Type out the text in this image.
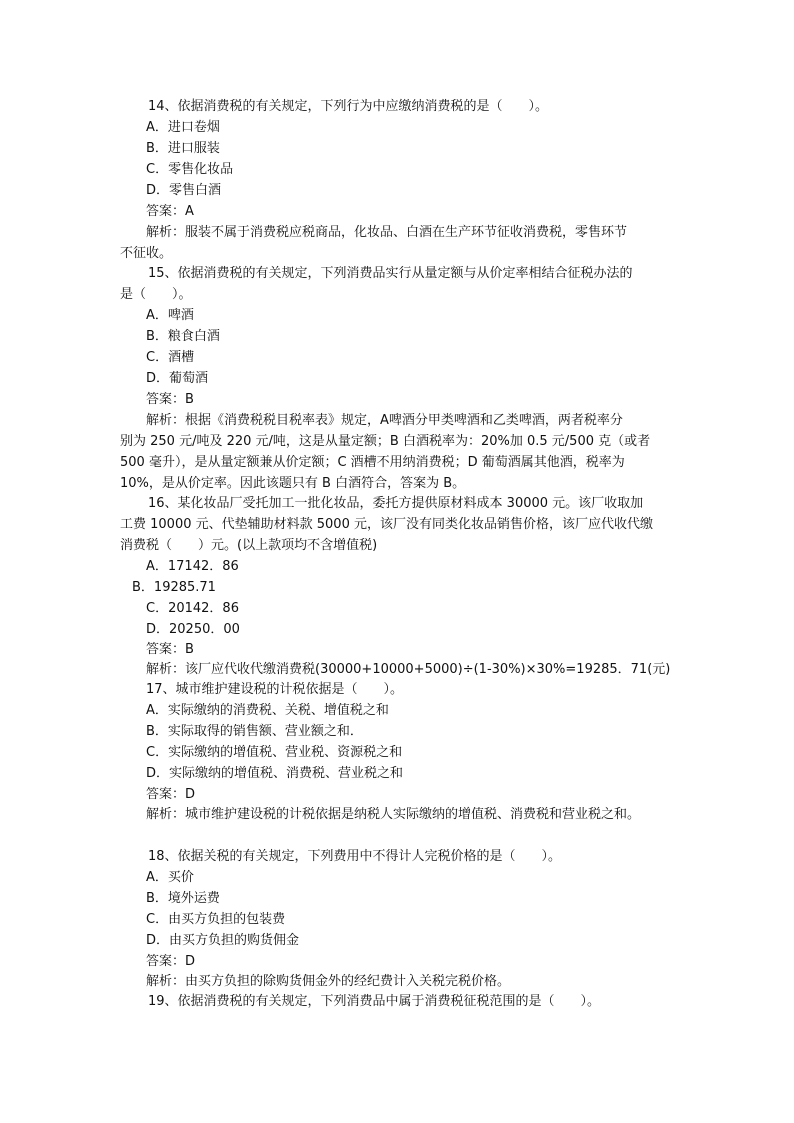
14、依据消费税的有关规定，下列行为中应缴纳消费税的是（　　）。
A．进口卷烟
B．进口服装
C．零售化妆品
D．零售白酒
答案：A
解析：服装不属于消费税应税商品，化妆品、白酒在生产环节征收消费税，零售环节
不征收。
15、依据消费税的有关规定，下列消费品实行从量定额与从价定率相结合征税办法的
是（　　）。
A．啤酒
B．粮食白酒
C．酒槽
D．葡萄酒
答案：B
解析：根据《消费税税目税率表》规定，A啤酒分甲类啤酒和乙类啤酒，两者税率分
别为 250 元/吨及 220 元/吨，这是从量定额；B 白酒税率为：20%加 0.5 元/500 克（或者
500 毫升），是从量定额兼从价定额；C 酒槽不用纳消费税；D 葡萄酒属其他酒，税率为
10%，是从价定率。因此该题只有 B 白酒符合，答案为 B。
16、某化妆品厂受托加工一批化妆品，委托方提供原材料成本 30000 元。该厂收取加
工费 10000 元、代垫辅助材料款 5000 元，该厂没有同类化妆品销售价格，该厂应代收代缴
消费税（　　）元。(以上款项均不含增值税)
A．17142．86
B．19285.71
C．20142．86
D．20250．00
答案：B
解析：该厂应代收代缴消费税(30000+10000+5000)÷(1-30%)×30%=19285．71(元)
17、城市维护建设税的计税依据是（　　）。
A．实际缴纳的消费税、关税、增值税之和
B．实际取得的销售额、营业额之和．
C．实际缴纳的增值税、营业税、资源税之和
D．实际缴纳的增值税、消费税、营业税之和
答案：D
解析：城市维护建设税的计税依据是纳税人实际缴纳的增值税、消费税和营业税之和。
18、依据关税的有关规定，下列费用中不得计人完税价格的是（　　）。
A．买价
B．境外运费
C．由买方负担的包装费
D．由买方负担的购货佣金
答案：D
解析：由买方负担的除购货佣金外的经纪费计入关税完税价格。
19、依据消费税的有关规定，下列消费品中属于消费税征税范围的是（　　）。
